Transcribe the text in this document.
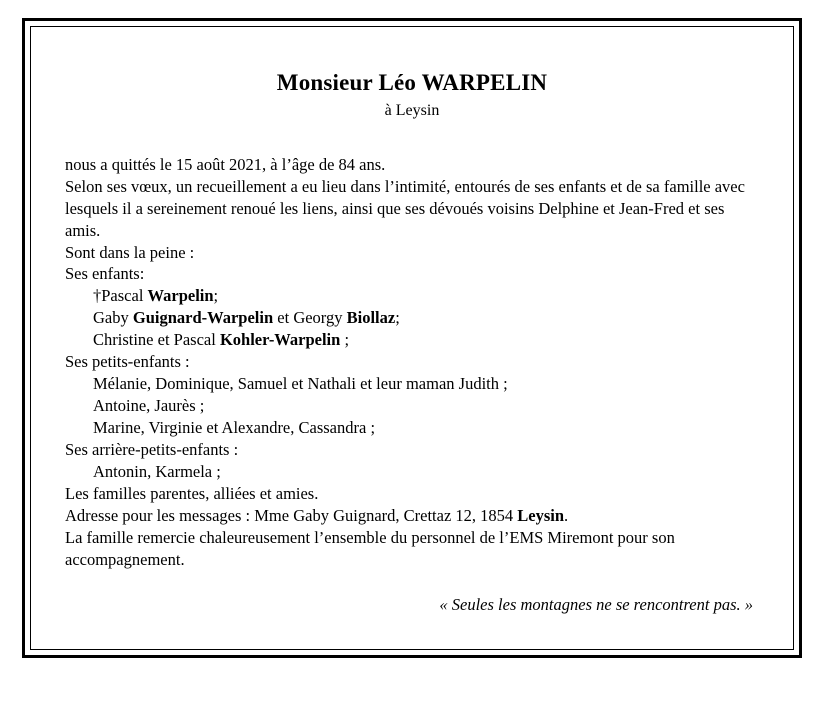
Monsieur Léo WARPELIN
à Leysin

nous a quittés le 15 août 2021, à l’âge de 84 ans.

Selon ses vœux, un recueillement a eu lieu dans l’intimité, entourés de ses enfants et de sa famille avec lesquels il a sereinement renoué les liens, ainsi que ses dévoués voisins Delphine et Jean-Fred et ses amis.

Sont dans la peine :

Ses enfants:

†Pascal Warpelin;

Gaby Guignard-Warpelin et Georgy Biollaz;

Christine et Pascal Kohler-Warpelin ;

Ses petits-enfants :

Mélanie, Dominique, Samuel et Nathali et leur maman Judith ;

Antoine, Jaurès ;

Marine, Virginie et Alexandre, Cassandra ;

Ses arrière-petits-enfants :

Antonin, Karmela ;

Les familles parentes, alliées et amies.

Adresse pour les messages : Mme Gaby Guignard, Crettaz 12, 1854 Leysin.

La famille remercie chaleureusement l’ensemble du personnel de l’EMS Miremont pour son accompagnement.

« Seules les montagnes ne se rencontrent pas. »
